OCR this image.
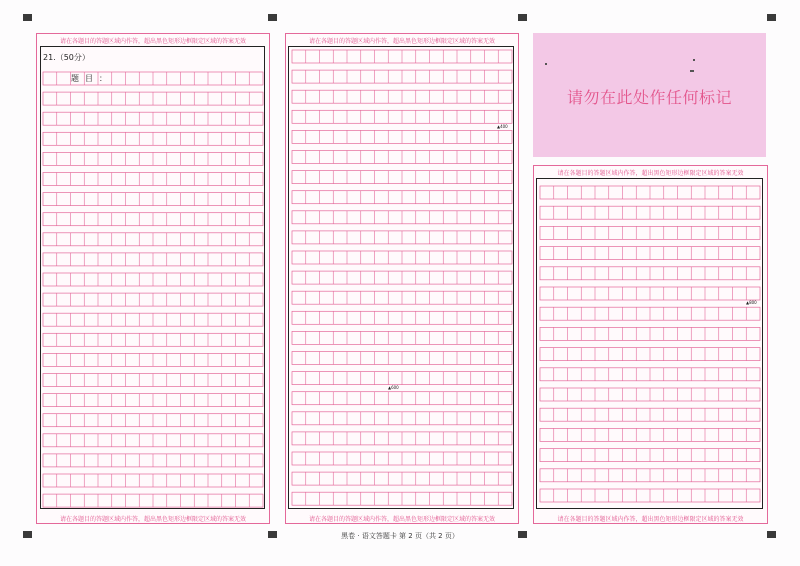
请在各题目的答题区域内作答，超出黑色矩形边框限定区域的答案无效
请在各题目的答题区域内作答，超出黑色矩形边框限定区域的答案无效
21.（50分）
题 目 ：
请在各题目的答题区域内作答，超出黑色矩形边框限定区域的答案无效
请在各题目的答题区域内作答，超出黑色矩形边框限定区域的答案无效
▲400
▲600
请勿在此处作任何标记
请在各题目的答题区域内作答，超出黑色矩形边框限定区域的答案无效
请在各题目的答题区域内作答，超出黑色矩形边框限定区域的答案无效
▲800
黑卷 · 语文答题卡 第 2 页（共 2 页）
